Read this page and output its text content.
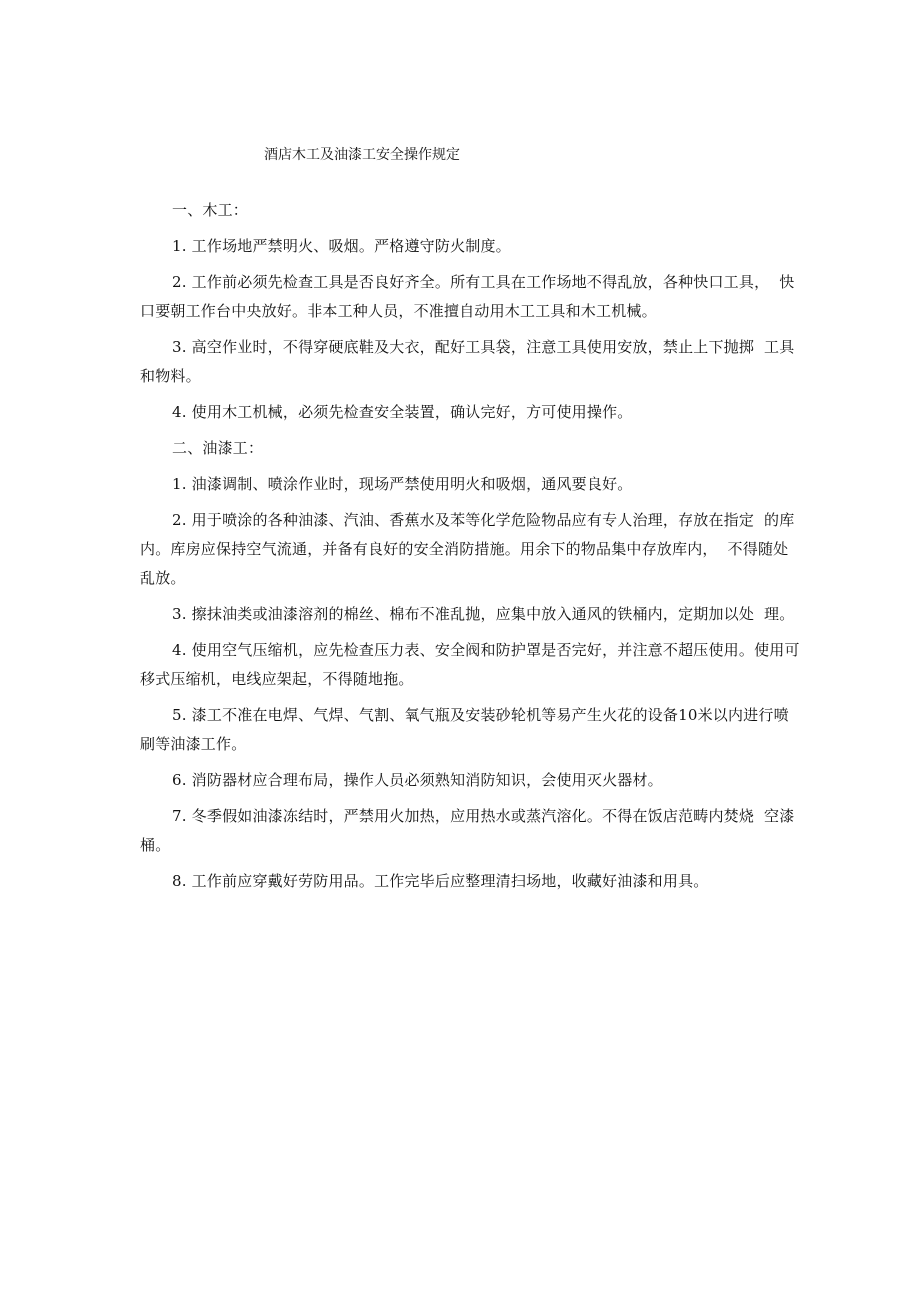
酒店木工及油漆工安全操作规定

一、木工：

1. 工作场地严禁明火、吸烟。严格遵守防火制度。

2. 工作前必须先检查工具是否良好齐全。所有工具在工作场地不得乱放，各种快口工具，  快口要朝工作台中央放好。非本工种人员，不准擅自动用木工工具和木工机械。

3. 高空作业时，不得穿硬底鞋及大衣，配好工具袋，注意工具使用安放，禁止上下抛掷  工具和物料。

4. 使用木工机械，必须先检查安全装置，确认完好，方可使用操作。

二、油漆工：

1. 油漆调制、喷涂作业时，现场严禁使用明火和吸烟，通风要良好。

2. 用于喷涂的各种油漆、汽油、香蕉水及苯等化学危险物品应有专人治理，存放在指定  的库内。库房应保持空气流通，并备有良好的安全消防措施。用余下的物品集中存放库内，  不得随处乱放。

3. 擦抹油类或油漆溶剂的棉丝、棉布不准乱抛，应集中放入通风的铁桶内，定期加以处  理。

4. 使用空气压缩机，应先检查压力表、安全阀和防护罩是否完好，并注意不超压使用。使用可移式压缩机，电线应架起，不得随地拖。

5. 漆工不准在电焊、气焊、气割、氧气瓶及安装砂轮机等易产生火花的设备10米以内进行喷刷等油漆工作。

6. 消防器材应合理布局，操作人员必须熟知消防知识，会使用灭火器材。

7. 冬季假如油漆冻结时，严禁用火加热，应用热水或蒸汽溶化。不得在饭店范畴内焚烧  空漆桶。

8. 工作前应穿戴好劳防用品。工作完毕后应整理清扫场地，收藏好油漆和用具。
